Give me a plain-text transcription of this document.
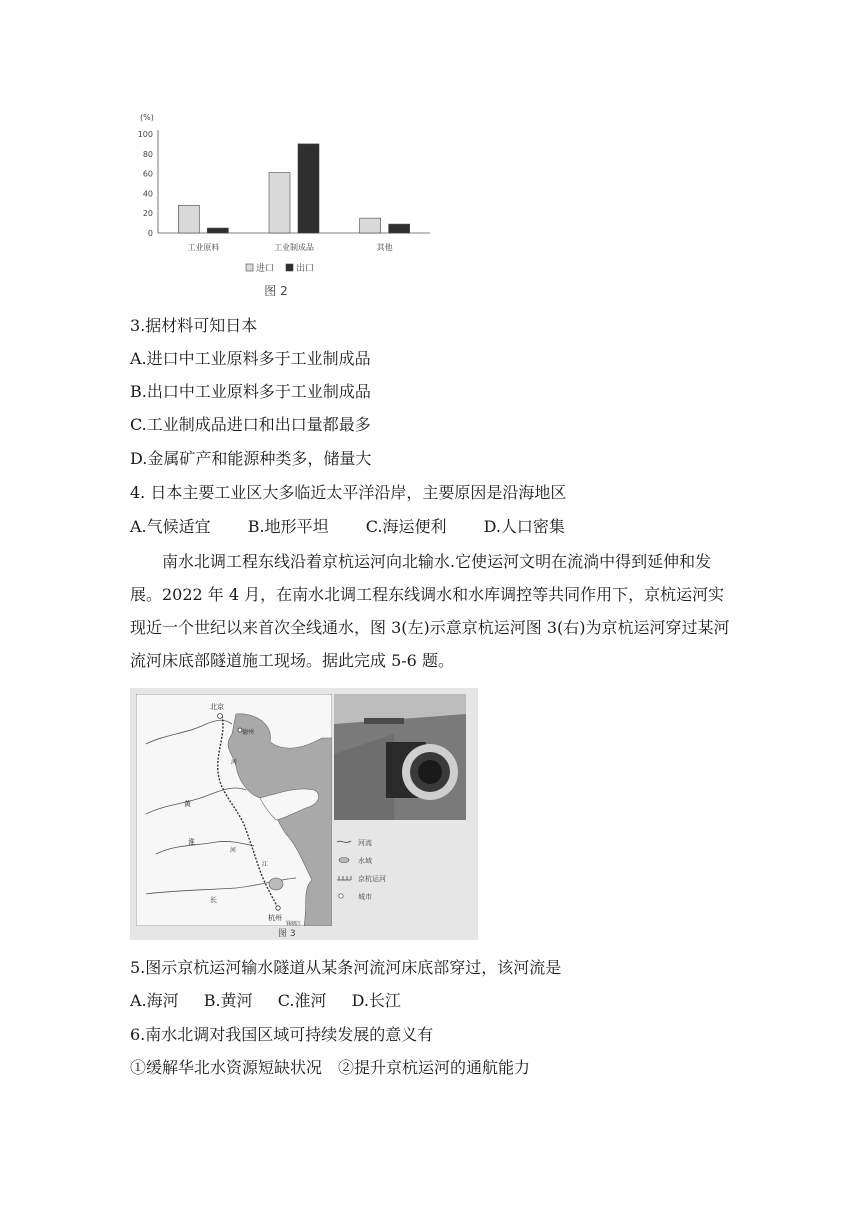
(%)
0
20
40
60
80
100
工业原料	工业制成品	其他
进口 出口
图 2
3.据材料可知日本
A.进口中工业原料多于工业制成品
B.出口中工业原料多于工业制成品
C.工业制成品进口和出口量都最多
D.金属矿产和能源种类多，储量大
4. 日本主要工业区大多临近太平洋沿岸，主要原因是沿海地区
A.气候适宜 B.地形平坦 C.海运便利 D.人口密集
南水北调工程东线沿着京杭运河向北输水.它使运河文明在流淌中得到延伸和发展。2022 年 4 月，在南水北调工程东线调水和水库调控等共同作用下，京杭运河实现近一个世纪以来首次全线通水，图 3(左)示意京杭运河图 3(右)为京杭运河穿过某河流河床底部隧道施工现场。据此完成 5-6 题。
北京
德州
河
黄
淮
河
江
长
杭州
钱塘江
河流
水域
京杭运河
城市
图 3
5.图示京杭运河输水隧道从某条河流河床底部穿过，该河流是
A.海河 B.黄河 C.淮河 D.长江
6.南水北调对我国区域可持续发展的意义有
①缓解华北水资源短缺状况　②提升京杭运河的通航能力
